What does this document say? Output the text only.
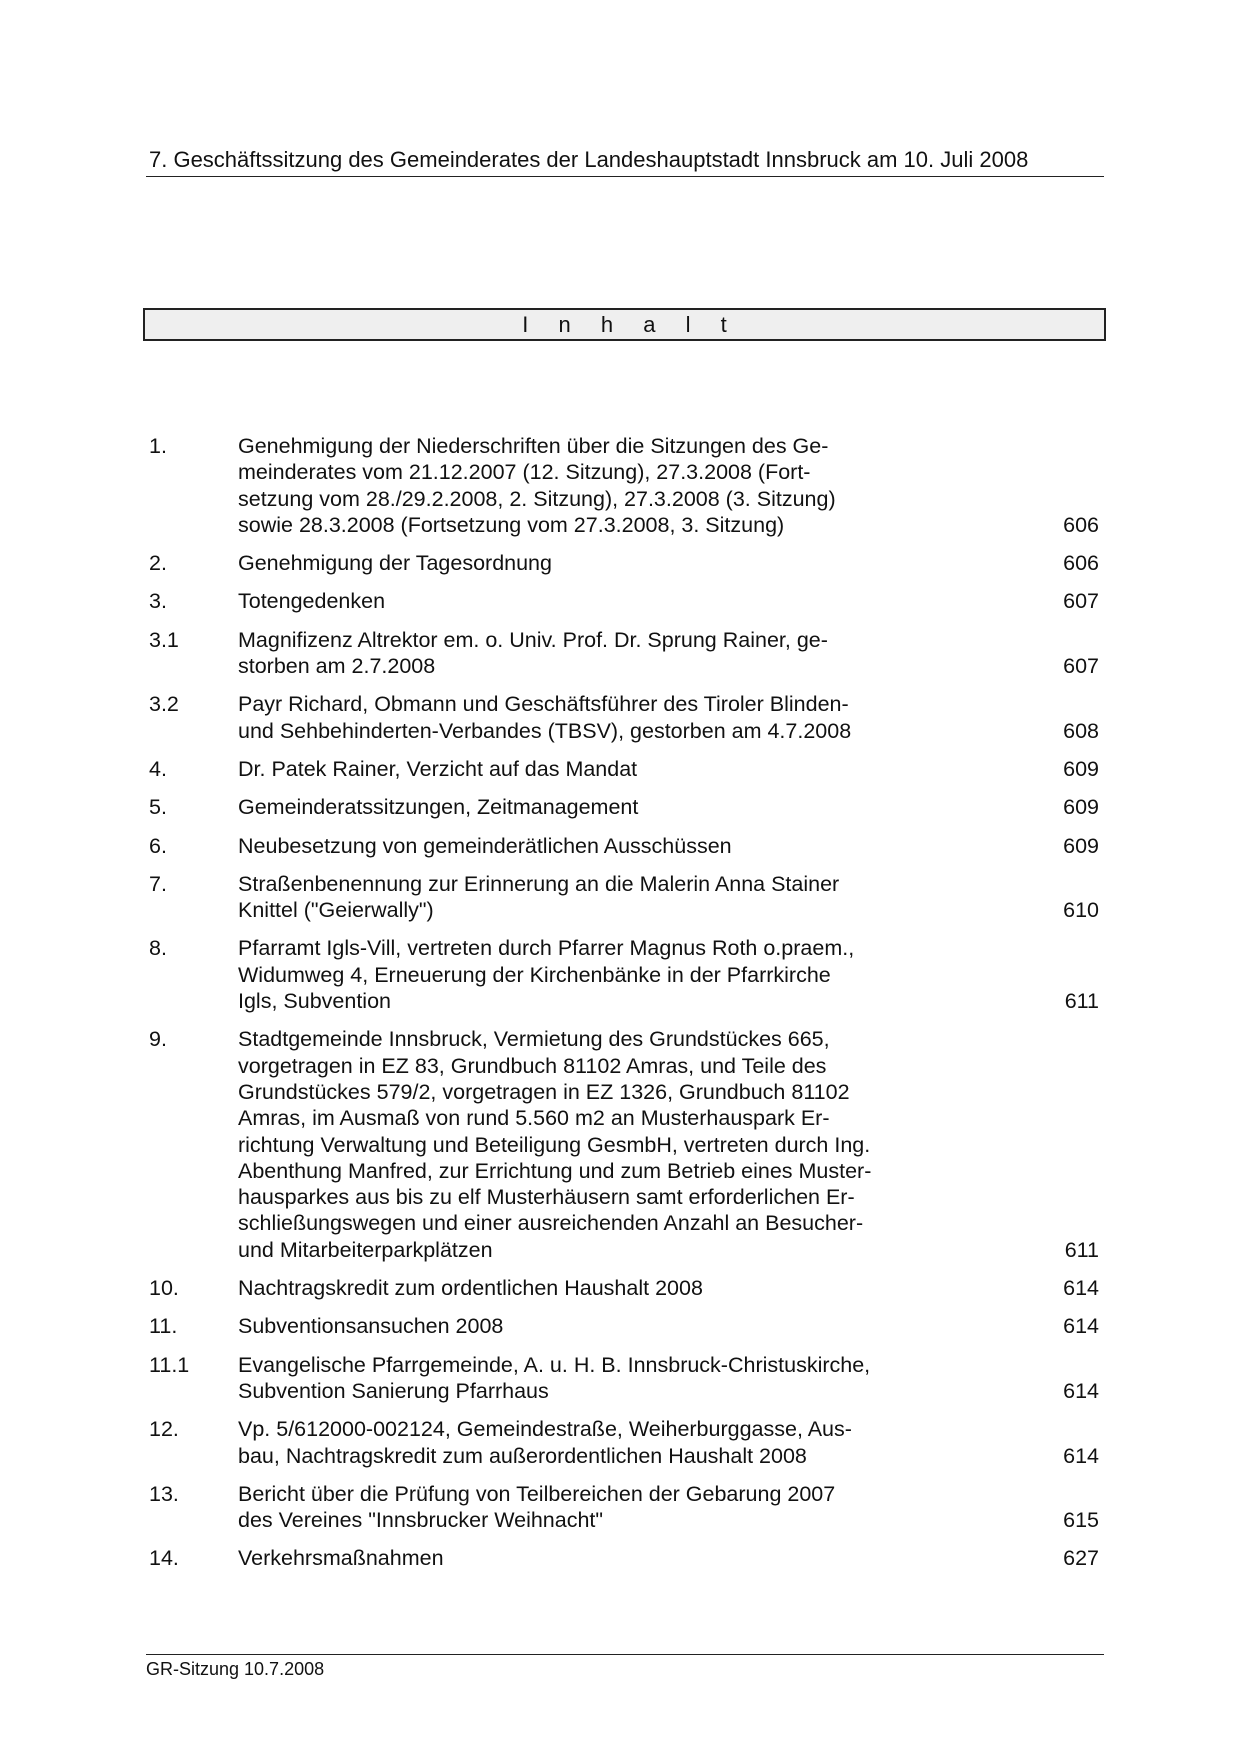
7. Geschäftssitzung des Gemeinderates der Landeshauptstadt Innsbruck am 10. Juli 2008
I n h a l t
1.	Genehmigung der Niederschriften über die Sitzungen des Ge-
meinderates vom 21.12.2007 (12. Sitzung), 27.3.2008 (Fort-
setzung vom 28./29.2.2008, 2. Sitzung), 27.3.2008 (3. Sitzung)
sowie 28.3.2008 (Fortsetzung vom 27.3.2008, 3. Sitzung)	606
2.	Genehmigung der Tagesordnung	606
3.	Totengedenken	607
3.1	Magnifizenz Altrektor em. o. Univ. Prof. Dr. Sprung Rainer, ge-
storben am 2.7.2008	607
3.2	Payr Richard, Obmann und Geschäftsführer des Tiroler Blinden-
und Sehbehinderten-Verbandes (TBSV), gestorben am 4.7.2008	608
4.	Dr. Patek Rainer, Verzicht auf das Mandat	609
5.	Gemeinderatssitzungen, Zeitmanagement	609
6.	Neubesetzung von gemeinderätlichen Ausschüssen	609
7.	Straßenbenennung zur Erinnerung an die Malerin Anna Stainer
Knittel ("Geierwally")	610
8.	Pfarramt Igls-Vill, vertreten durch Pfarrer Magnus Roth o.praem.,
Widumweg 4, Erneuerung der Kirchenbänke in der Pfarrkirche
Igls, Subvention	611
9.	Stadtgemeinde Innsbruck, Vermietung des Grundstückes 665,
vorgetragen in EZ 83, Grundbuch 81102 Amras, und Teile des
Grundstückes 579/2, vorgetragen in EZ 1326, Grundbuch 81102
Amras, im Ausmaß von rund 5.560 m2 an Musterhauspark Er-
richtung Verwaltung und Beteiligung GesmbH, vertreten durch Ing.
Abenthung Manfred, zur Errichtung und zum Betrieb eines Muster-
hausparkes aus bis zu elf Musterhäusern samt erforderlichen Er-
schließungswegen und einer ausreichenden Anzahl an Besucher-
und Mitarbeiterparkplätzen	611
10.	Nachtragskredit zum ordentlichen Haushalt 2008	614
11.	Subventionsansuchen 2008	614
11.1	Evangelische Pfarrgemeinde, A. u. H. B. Innsbruck-Christuskirche,
Subvention Sanierung Pfarrhaus	614
12.	Vp. 5/612000-002124, Gemeindestraße, Weiherburggasse, Aus-
bau, Nachtragskredit zum außerordentlichen Haushalt 2008	614
13.	Bericht über die Prüfung von Teilbereichen der Gebarung 2007
des Vereines "Innsbrucker Weihnacht"	615
14.	Verkehrsmaßnahmen	627
GR-Sitzung 10.7.2008
